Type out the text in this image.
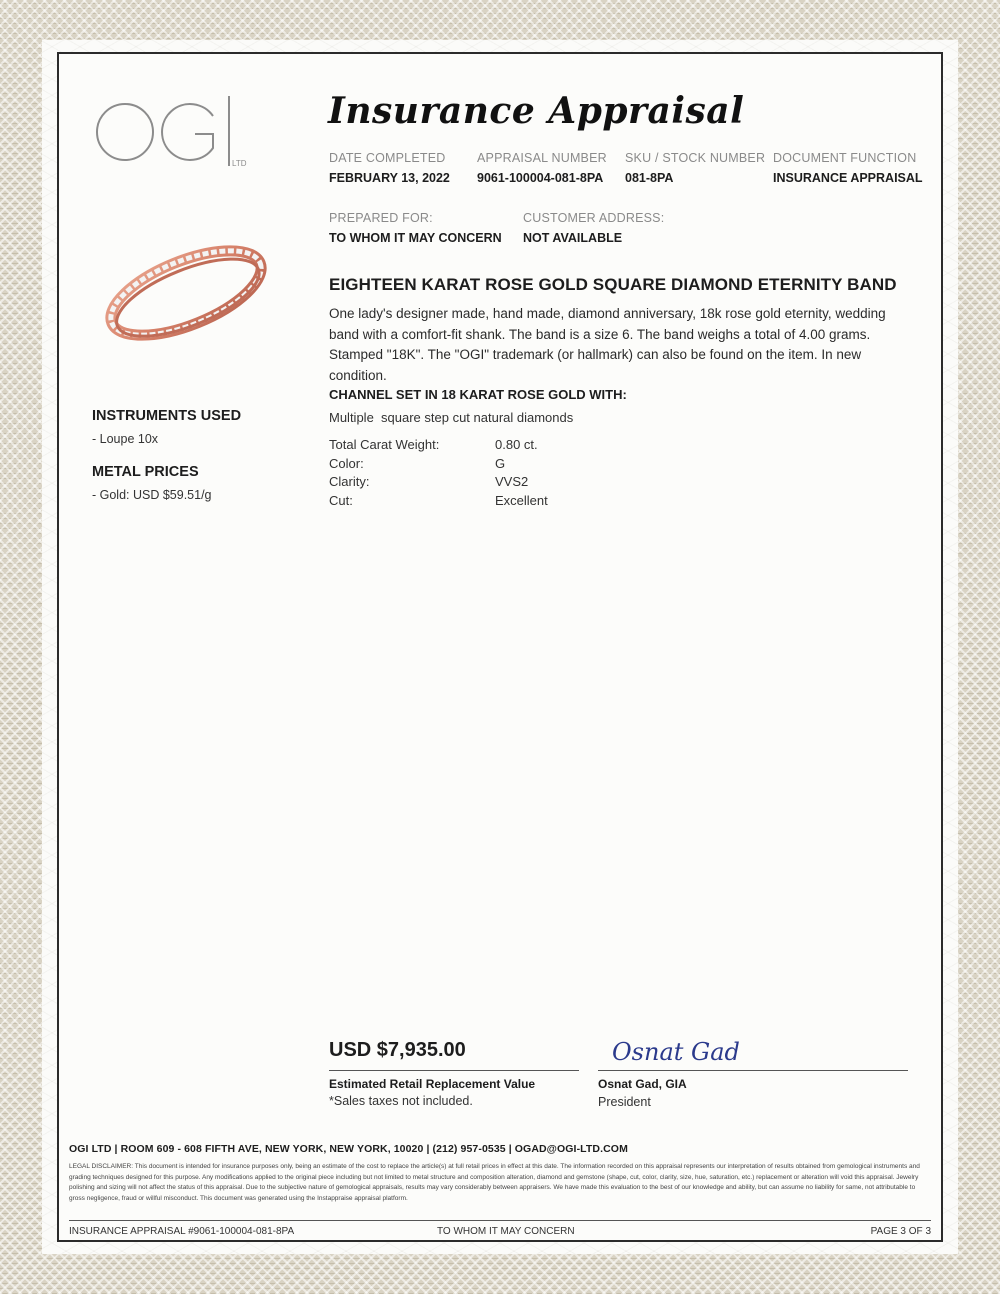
LTD
Insurance Appraisal
DATE COMPLETED
FEBRUARY 13, 2022
APPRAISAL NUMBER
9061-100004-081-8PA
SKU / STOCK NUMBER
081-8PA
DOCUMENT FUNCTION
INSURANCE APPRAISAL
PREPARED FOR:
TO WHOM IT MAY CONCERN
CUSTOMER ADDRESS:
NOT AVAILABLE
INSTRUMENTS USED
- Loupe 10x
METAL PRICES
- Gold: USD $59.51/g
EIGHTEEN KARAT ROSE GOLD SQUARE DIAMOND ETERNITY BAND
One lady's designer made, hand made, diamond anniversary, 18k rose gold eternity, wedding band with a comfort-fit shank. The band is a size 6. The band weighs a total of 4.00 grams. Stamped "18K". The "OGI" trademark (or hallmark) can also be found on the item. In new condition.
CHANNEL SET IN 18 KARAT ROSE GOLD WITH:
Multiple  square step cut natural diamonds
Total Carat Weight:	0.80 ct.
Color:	G
Clarity:	VVS2
Cut:	Excellent
USD $7,935.00
Estimated Retail Replacement Value
*Sales taxes not included.
Osnat Gad
Osnat Gad, GIA
President
OGI LTD | ROOM 609 - 608 FIFTH AVE, NEW YORK, NEW YORK, 10020 | (212) 957-0535 | OGAD@OGI-LTD.COM
LEGAL DISCLAIMER: This document is intended for insurance purposes only, being an estimate of the cost to replace the article(s) at full retail prices in effect at this date. The information recorded on this appraisal represents our interpretation of results obtained from gemological instruments and grading techniques designed for this purpose. Any modifications applied to the original piece including but not limited to metal structure and composition alteration, diamond and gemstone (shape, cut, color, clarity, size, hue, saturation, etc.) replacement or alteration will void this appraisal. Jewelry polishing and sizing will not affect the status of this appraisal. Due to the subjective nature of gemological appraisals, results may vary considerably between appraisers. We have made this evaluation to the best of our knowledge and ability, but can assume no liability for same, not attributable to gross negligence, fraud or willful misconduct. This document was generated using the Instappraise appraisal platform.
INSURANCE APPRAISAL #9061-100004-081-8PA	TO WHOM IT MAY CONCERN	PAGE 3 OF 3
